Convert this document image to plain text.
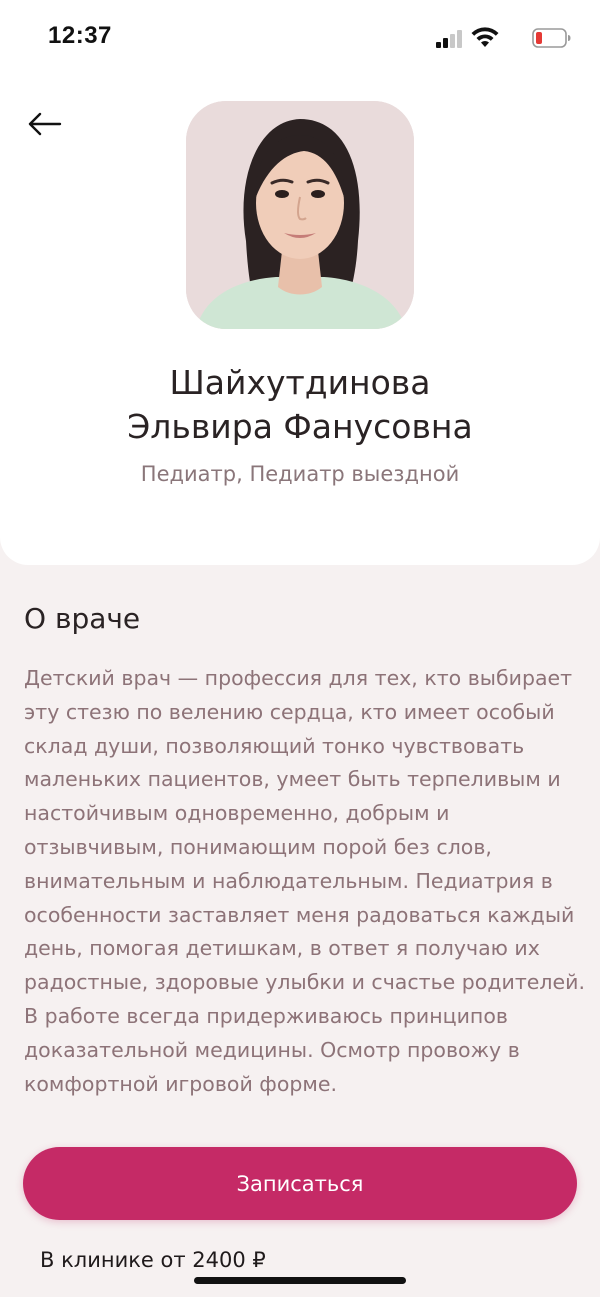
12:37
Шайхутдинова
Эльвира Фанусовна
Педиатр, Педиатр выездной
О враче
Детский врач — профессия для тех, кто выбирает
эту стезю по велению сердца, кто имеет особый
склад души, позволяющий тонко чувствовать
маленьких пациентов, умеет быть терпеливым и
настойчивым одновременно, добрым и
отзывчивым, понимающим порой без слов,
внимательным и наблюдательным. Педиатрия в
особенности заставляет меня радоваться каждый
день, помогая детишкам, в ответ я получаю их
радостные, здоровые улыбки и счастье родителей.
В работе всегда придерживаюсь принципов
доказательной медицины. Осмотр провожу в
комфортной игровой форме.
Записаться
В клинике от 2400 ₽
